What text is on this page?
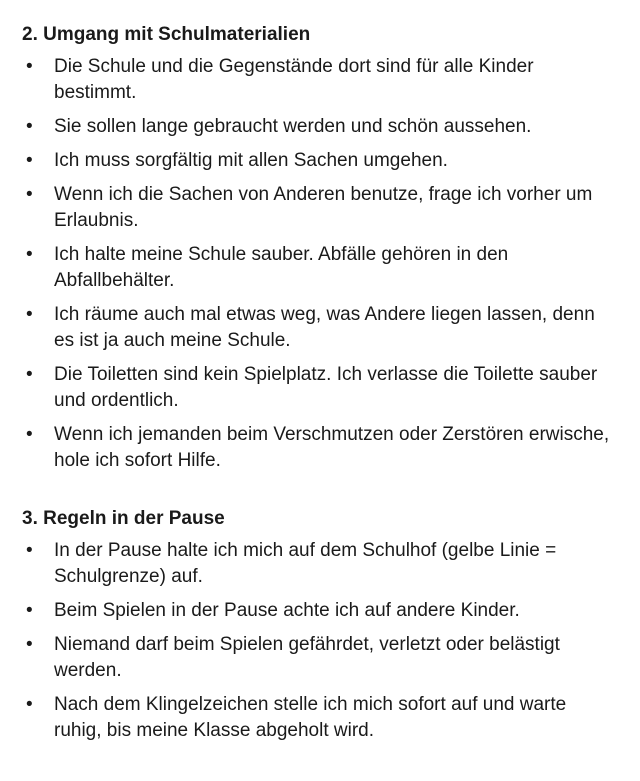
2. Umgang mit Schulmaterialien
• Die Schule und die Gegenstände dort sind für alle Kinder bestimmt.
• Sie sollen lange gebraucht werden und schön aussehen.
• Ich muss sorgfältig mit allen Sachen umgehen.
• Wenn ich die Sachen von Anderen benutze, frage ich vorher um Erlaubnis.
• Ich halte meine Schule sauber. Abfälle gehören in den Abfallbehälter.
• Ich räume auch mal etwas weg, was Andere liegen lassen, denn es ist ja auch meine Schule.
• Die Toiletten sind kein Spielplatz. Ich verlasse die Toilette sauber und ordentlich.
• Wenn ich jemanden beim Verschmutzen oder Zerstören erwische, hole ich sofort Hilfe.
3. Regeln in der Pause
• In der Pause halte ich mich auf dem Schulhof (gelbe Linie = Schulgrenze) auf.
• Beim Spielen in der Pause achte ich auf andere Kinder.
• Niemand darf beim Spielen gefährdet, verletzt oder belästigt werden.
• Nach dem Klingelzeichen stelle ich mich sofort auf und warte ruhig, bis meine Klasse abgeholt wird.
